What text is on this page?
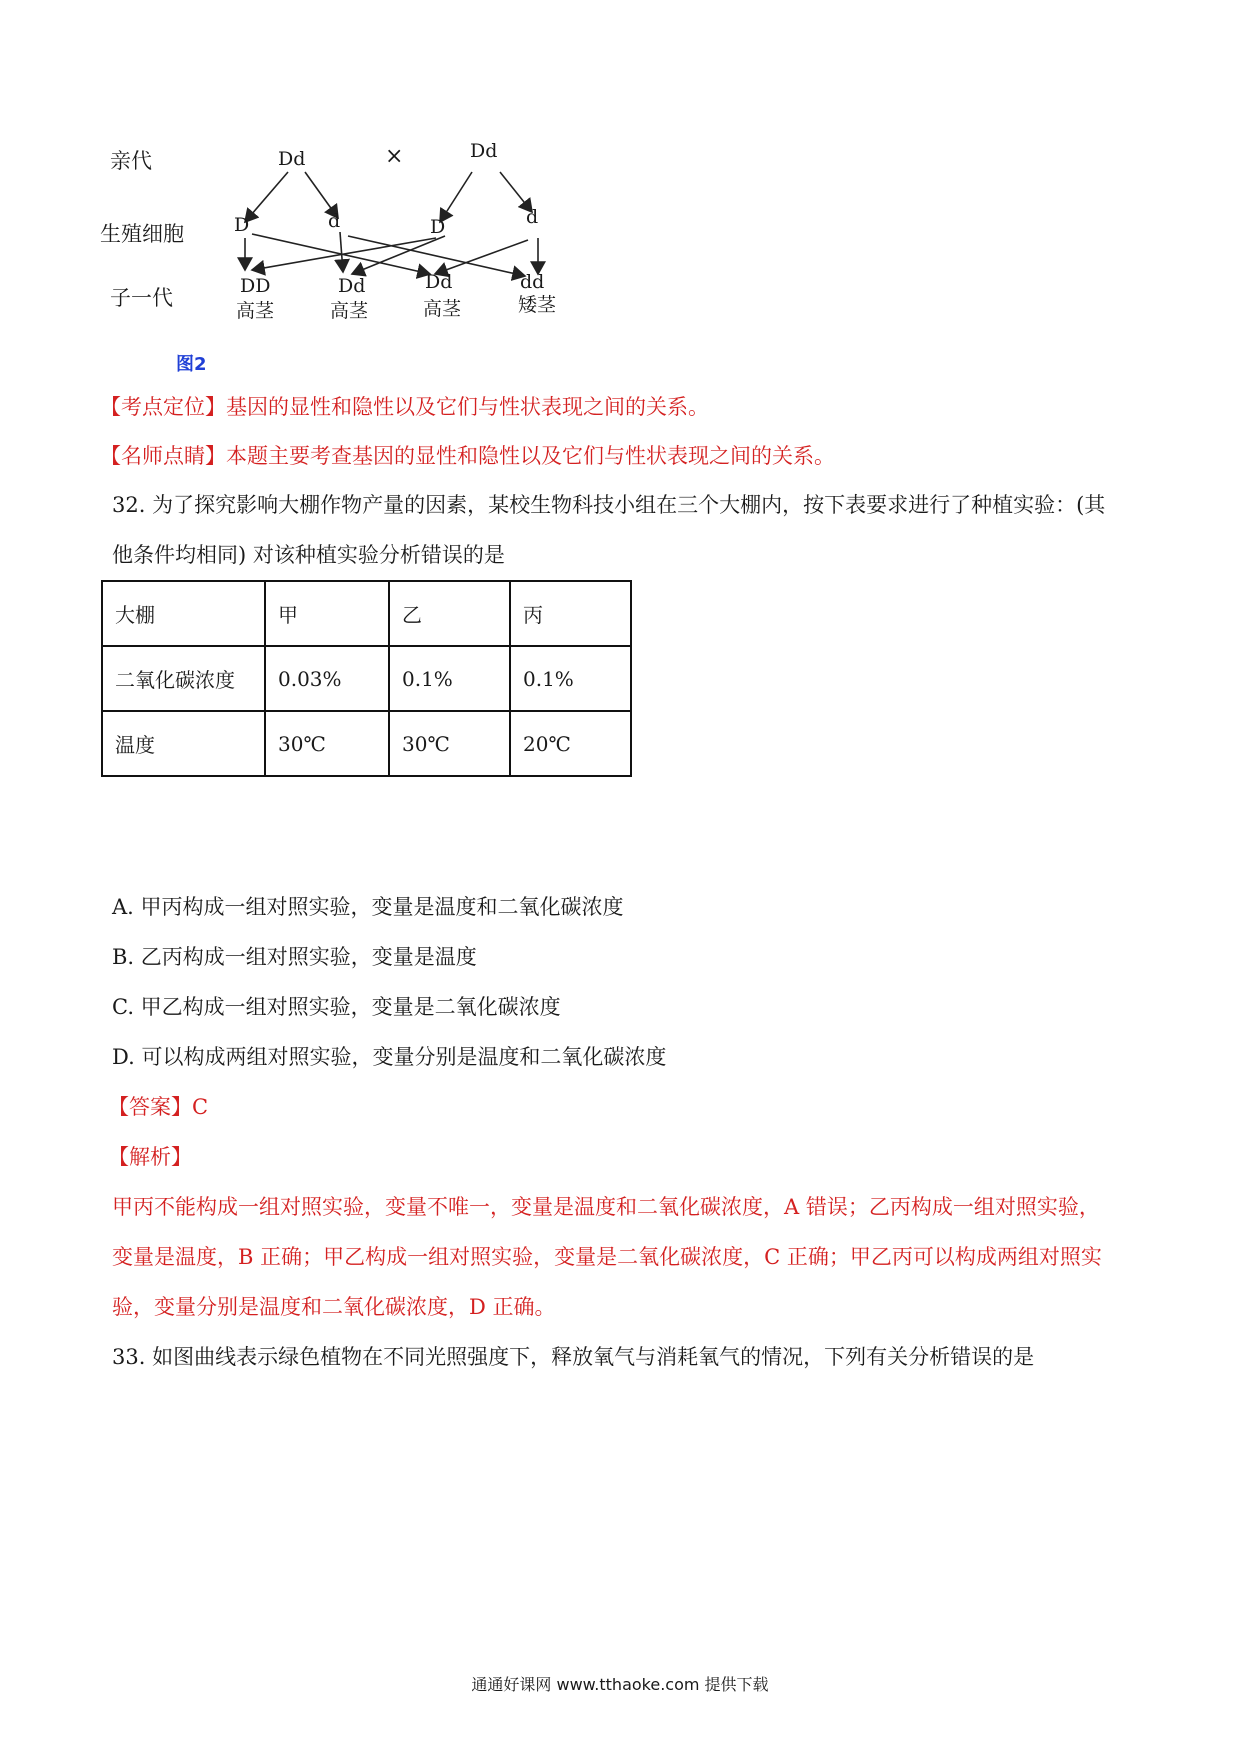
亲代
生殖细胞
子一代
Dd	×	Dd
D	d	D	d
DD
高茎
Dd
高茎
Dd
高茎
dd
矮茎
图2
【考点定位】基因的显性和隐性以及它们与性状表现之间的关系。
【名师点睛】本题主要考查基因的显性和隐性以及它们与性状表现之间的关系。
32. 为了探究影响大棚作物产量的因素，某校生物科技小组在三个大棚内，按下表要求进行了种植实验：(其
他条件均相同) 对该种植实验分析错误的是
大棚	甲	乙	丙
二氧化碳浓度	0.03%	0.1%	0.1%
温度	30℃	30℃	20℃
A. 甲丙构成一组对照实验，变量是温度和二氧化碳浓度
B. 乙丙构成一组对照实验，变量是温度
C. 甲乙构成一组对照实验，变量是二氧化碳浓度
D. 可以构成两组对照实验，变量分别是温度和二氧化碳浓度
【答案】C
【解析】
甲丙不能构成一组对照实验，变量不唯一，变量是温度和二氧化碳浓度，A 错误；乙丙构成一组对照实验，
变量是温度，B 正确；甲乙构成一组对照实验，变量是二氧化碳浓度，C 正确；甲乙丙可以构成两组对照实
验，变量分别是温度和二氧化碳浓度，D 正确。
33. 如图曲线表示绿色植物在不同光照强度下，释放氧气与消耗氧气的情况，下列有关分析错误的是
通通好课网 www.tthaoke.com 提供下载
